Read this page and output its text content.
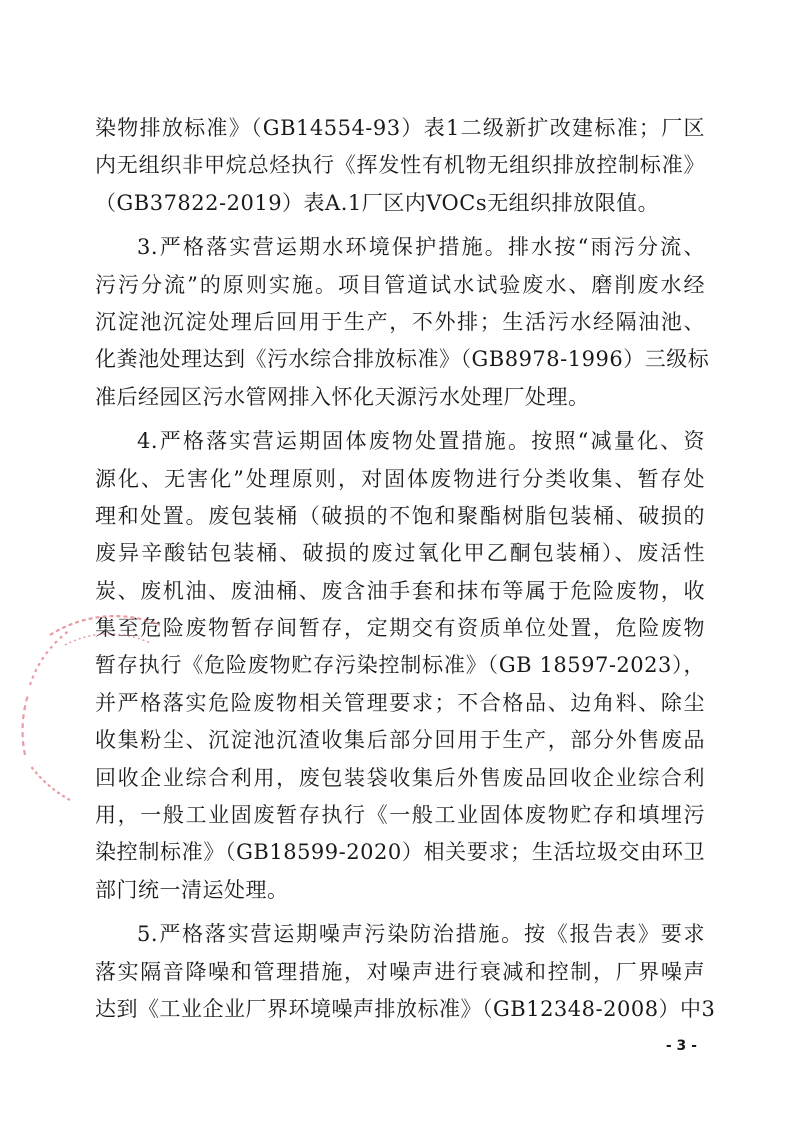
染物排放标准》（GB14554-93）表1二级新扩改建标准；厂区
内无组织非甲烷总烃执行《挥发性有机物无组织排放控制标准》
（GB37822-2019）表A.1厂区内VOCs无组织排放限值。
3.严格落实营运期水环境保护措施。排水按“雨污分流、
污污分流”的原则实施。项目管道试水试验废水、磨削废水经
沉淀池沉淀处理后回用于生产，不外排；生活污水经隔油池、
化粪池处理达到《污水综合排放标准》（GB8978-1996）三级标
准后经园区污水管网排入怀化天源污水处理厂处理。
4.严格落实营运期固体废物处置措施。按照“减量化、资
源化、无害化”处理原则，对固体废物进行分类收集、暂存处
理和处置。废包装桶（破损的不饱和聚酯树脂包装桶、破损的
废异辛酸钴包装桶、破损的废过氧化甲乙酮包装桶）、废活性
炭、废机油、废油桶、废含油手套和抹布等属于危险废物，收
集至危险废物暂存间暂存，定期交有资质单位处置，危险废物
暂存执行《危险废物贮存污染控制标准》（GB 18597-2023），
并严格落实危险废物相关管理要求；不合格品、边角料、除尘
收集粉尘、沉淀池沉渣收集后部分回用于生产，部分外售废品
回收企业综合利用，废包装袋收集后外售废品回收企业综合利
用，一般工业固废暂存执行《一般工业固体废物贮存和填埋污
染控制标准》（GB18599-2020）相关要求；生活垃圾交由环卫
部门统一清运处理。
5.严格落实营运期噪声污染防治措施。按《报告表》要求
落实隔音降噪和管理措施，对噪声进行衰减和控制，厂界噪声
达到《工业企业厂界环境噪声排放标准》（GB12348-2008）中3
- 3 -
